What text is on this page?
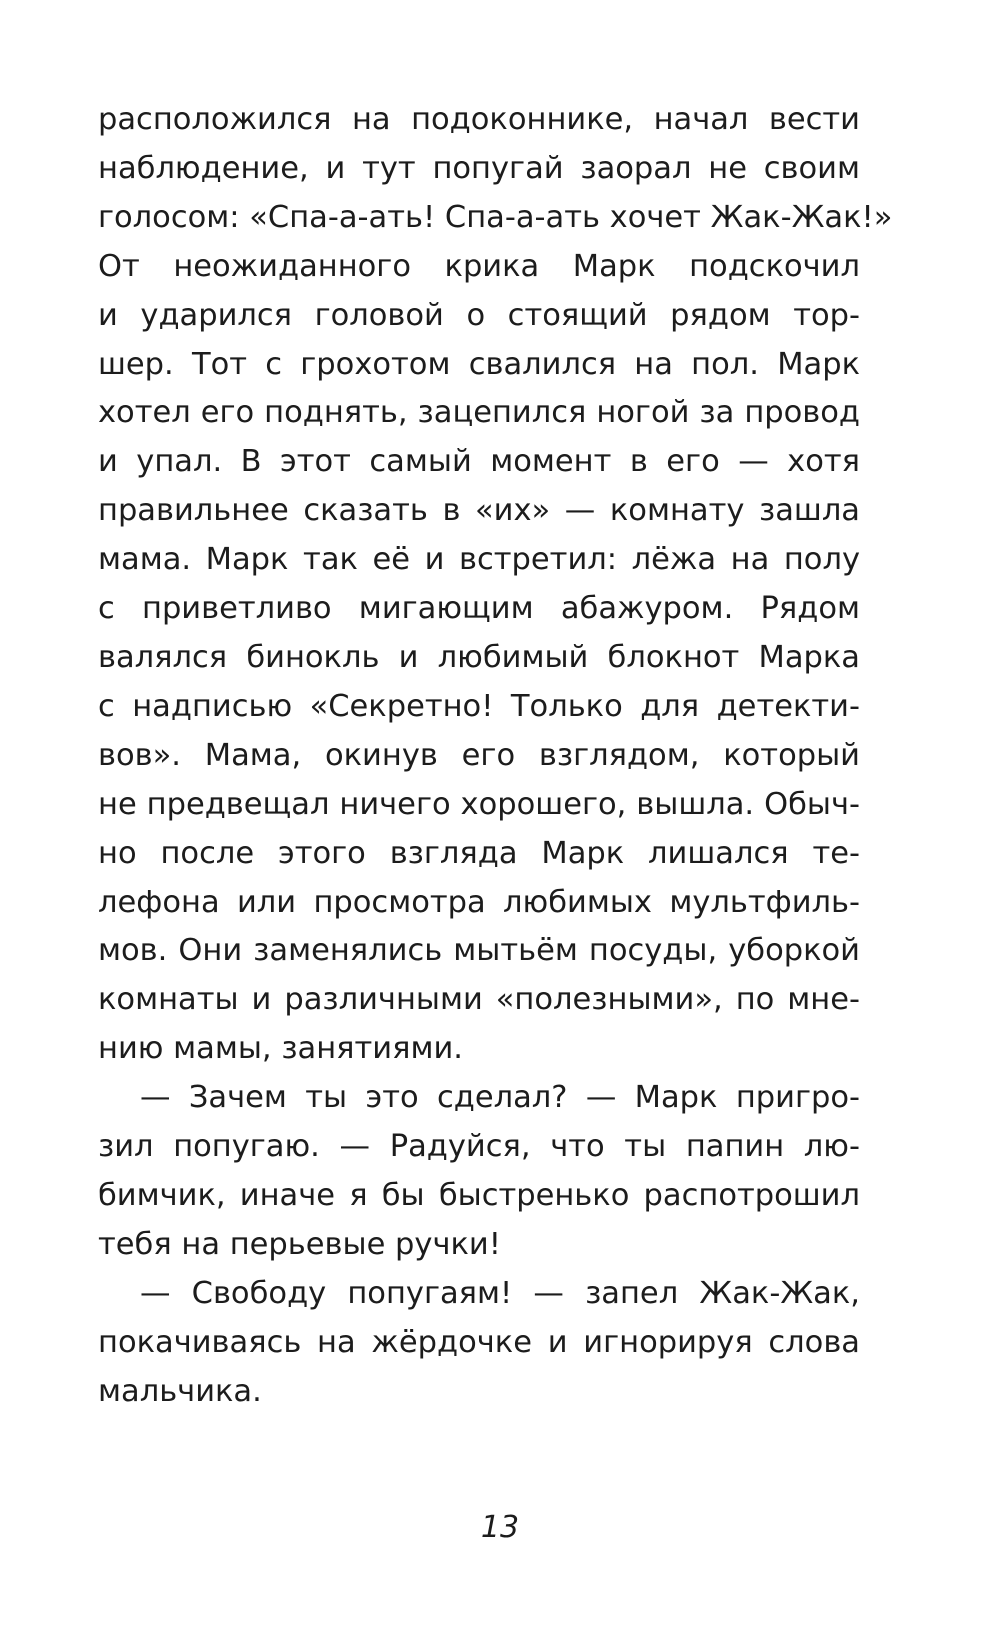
расположился на подоконнике, начал вести
наблюдение, и тут попугай заорал не своим
голосом: «Спа-а-ать! Спа-а-ать хочет Жак-Жак!»
От неожиданного крика Марк подскочил
и ударился головой о стоящий рядом тор-
шер. Тот с грохотом свалился на пол. Марк
хотел его поднять, зацепился ногой за провод
и упал. В этот самый момент в его — хотя
правильнее сказать в «их» — комнату зашла
мама. Марк так её и встретил: лёжа на полу
с приветливо мигающим абажуром. Рядом
валялся бинокль и любимый блокнот Марка
с надписью «Секретно! Только для детекти-
вов». Мама, окинув его взглядом, который
не предвещал ничего хорошего, вышла. Обыч-
но после этого взгляда Марк лишался те-
лефона или просмотра любимых мультфиль-
мов. Они заменялись мытьём посуды, уборкой
комнаты и различными «полезными», по мне-
нию мамы, занятиями.

— Зачем ты это сделал? — Марк пригро-
зил попугаю. — Радуйся, что ты папин лю-
бимчик, иначе я бы быстренько распотрошил
тебя на перьевые ручки!

— Свободу попугаям! — запел Жак-Жак,
покачиваясь на жёрдочке и игнорируя слова
мальчика.

13
